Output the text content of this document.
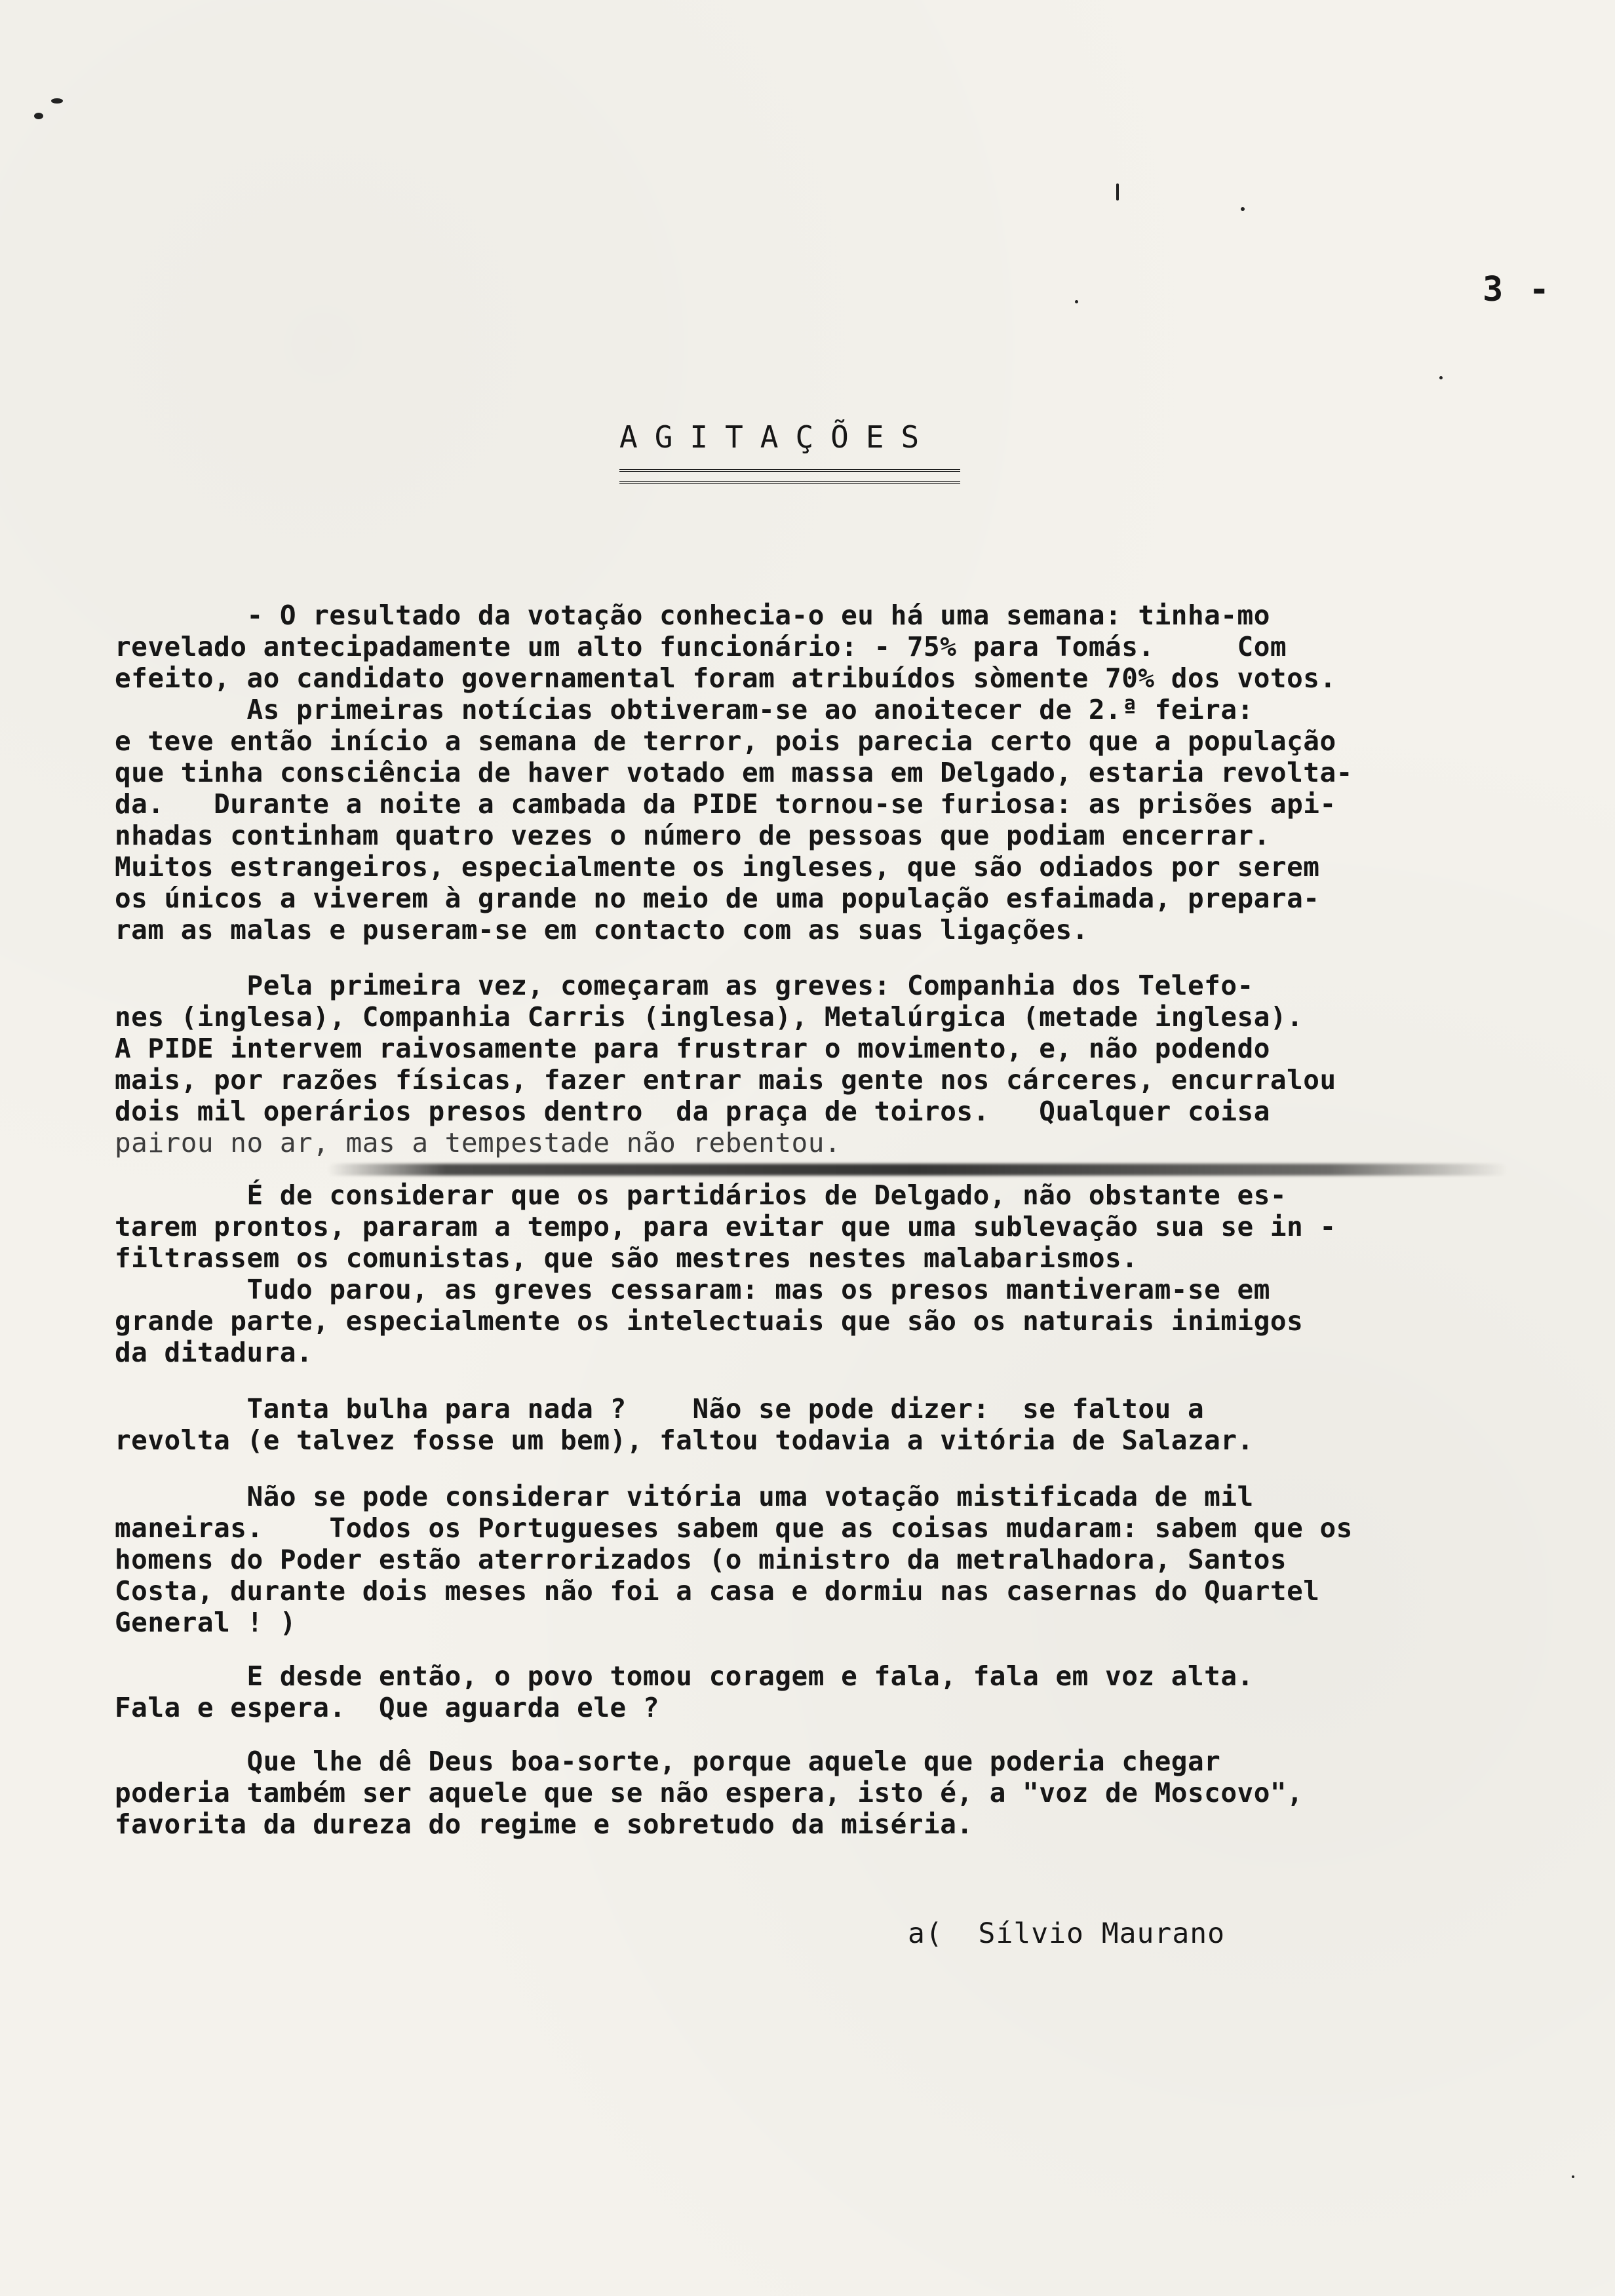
3 -
AGITAÇÕES
- O resultado da votação conhecia-o eu há uma semana: tinha-mo
revelado antecipadamente um alto funcionário: - 75% para Tomás.     Com
efeito, ao candidato governamental foram atribuídos sòmente 70% dos votos.
As primeiras notícias obtiveram-se ao anoitecer de 2.ª feira:
e teve então início a semana de terror, pois parecia certo que a população
que tinha consciência de haver votado em massa em Delgado, estaria revolta-
da.   Durante a noite a cambada da PIDE tornou-se furiosa: as prisões api-
nhadas continham quatro vezes o número de pessoas que podiam encerrar.
Muitos estrangeiros, especialmente os ingleses, que são odiados por serem
os únicos a viverem à grande no meio de uma população esfaimada, prepara-
ram as malas e puseram-se em contacto com as suas ligações.
Pela primeira vez, começaram as greves: Companhia dos Telefo-
nes (inglesa), Companhia Carris (inglesa), Metalúrgica (metade inglesa).
A PIDE intervem raivosamente para frustrar o movimento, e, não podendo
mais, por razões físicas, fazer entrar mais gente nos cárceres, encurralou
dois mil operários presos dentro  da praça de toiros.   Qualquer coisa
pairou no ar, mas a tempestade não rebentou.
É de considerar que os partidários de Delgado, não obstante es-
tarem prontos, pararam a tempo, para evitar que uma sublevação sua se in -
filtrassem os comunistas, que são mestres nestes malabarismos.
Tudo parou, as greves cessaram: mas os presos mantiveram-se em
grande parte, especialmente os intelectuais que são os naturais inimigos
da ditadura.
Tanta bulha para nada ?    Não se pode dizer:  se faltou a
revolta (e talvez fosse um bem), faltou todavia a vitória de Salazar.
Não se pode considerar vitória uma votação mistificada de mil
maneiras.    Todos os Portugueses sabem que as coisas mudaram: sabem que os
homens do Poder estão aterrorizados (o ministro da metralhadora, Santos
Costa, durante dois meses não foi a casa e dormiu nas casernas do Quartel
General ! )
E desde então, o povo tomou coragem e fala, fala em voz alta.
Fala e espera.  Que aguarda ele ?
Que lhe dê Deus boa-sorte, porque aquele que poderia chegar
poderia também ser aquele que se não espera, isto é, a "voz de Moscovo",
favorita da dureza do regime e sobretudo da miséria.
a(  Sílvio Maurano
